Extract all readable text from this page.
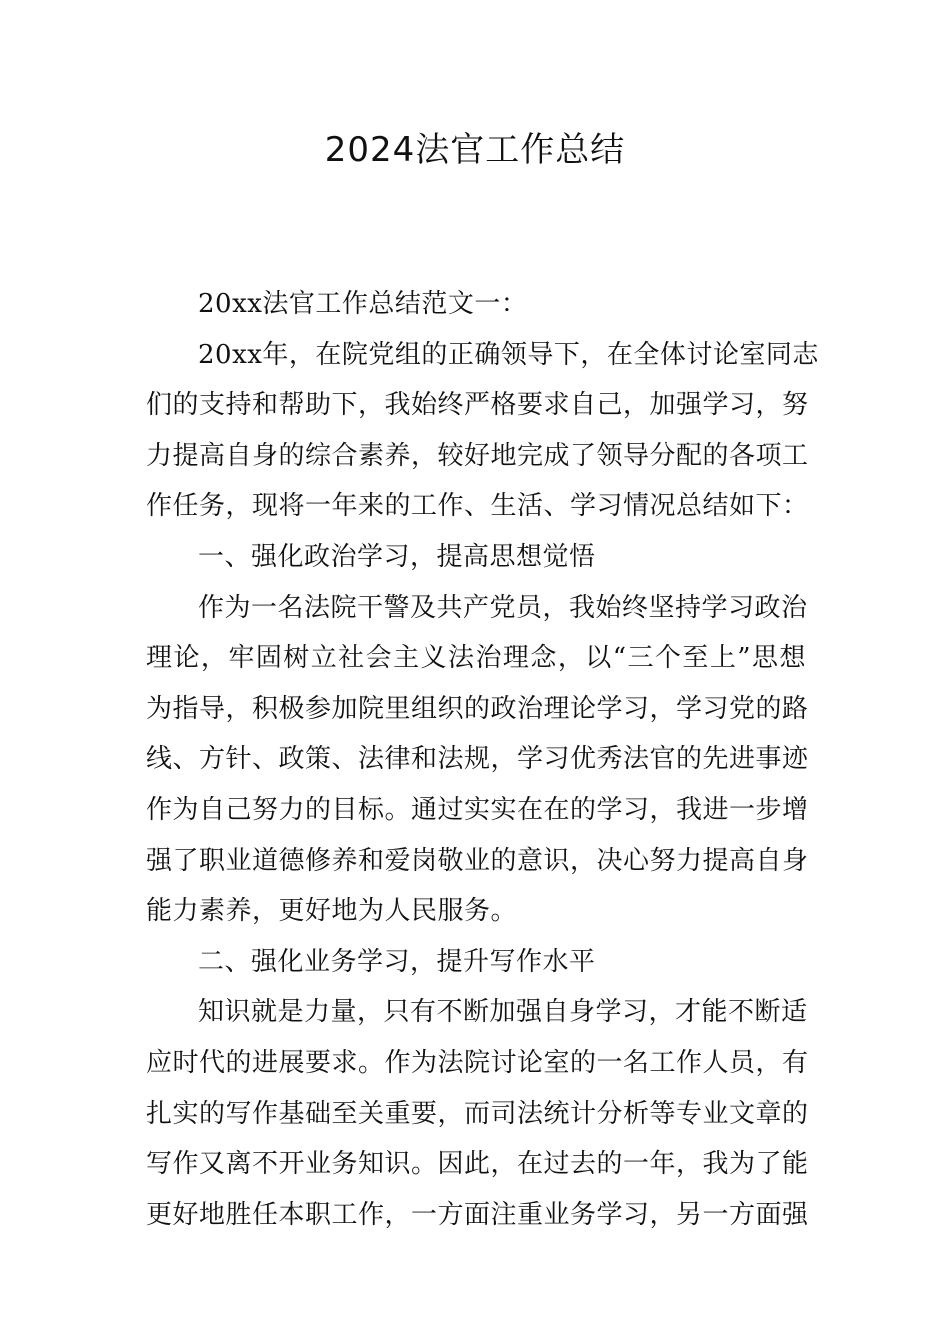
2024法官工作总结
20xx法官工作总结范文一：
20xx年，在院党组的正确领导下，在全体讨论室同志
们的支持和帮助下，我始终严格要求自己，加强学习，努
力提高自身的综合素养，较好地完成了领导分配的各项工
作任务，现将一年来的工作、生活、学习情况总结如下：
一、强化政治学习，提高思想觉悟
作为一名法院干警及共产党员，我始终坚持学习政治
理论，牢固树立社会主义法治理念，以“三个至上”思想
为指导，积极参加院里组织的政治理论学习，学习党的路
线、方针、政策、法律和法规，学习优秀法官的先进事迹
作为自己努力的目标。通过实实在在的学习，我进一步增
强了职业道德修养和爱岗敬业的意识，决心努力提高自身
能力素养，更好地为人民服务。
二、强化业务学习，提升写作水平
知识就是力量，只有不断加强自身学习，才能不断适
应时代的进展要求。作为法院讨论室的一名工作人员，有
扎实的写作基础至关重要，而司法统计分析等专业文章的
写作又离不开业务知识。因此，在过去的一年，我为了能
更好地胜任本职工作，一方面注重业务学习，另一方面强
